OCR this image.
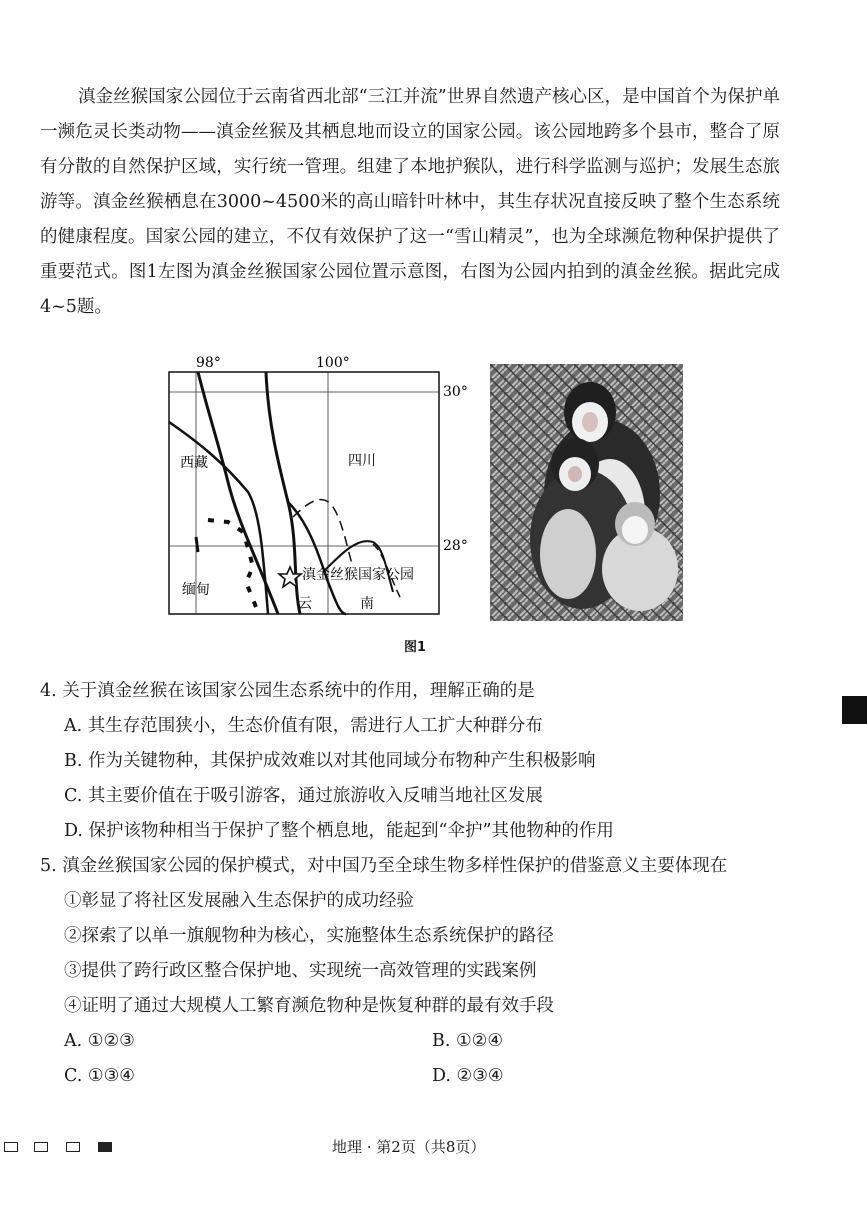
滇金丝猴国家公园位于云南省西北部“三江并流”世界自然遗产核心区，是中国首个为保护单一濒危灵长类动物——滇金丝猴及其栖息地而设立的国家公园。该公园地跨多个县市，整合了原有分散的自然保护区域，实行统一管理。组建了本地护猴队，进行科学监测与巡护；发展生态旅游等。滇金丝猴栖息在3000~4500米的高山暗针叶林中，其生存状况直接反映了整个生态系统的健康程度。国家公园的建立，不仅有效保护了这一“雪山精灵”，也为全球濒危物种保护提供了重要范式。图1左图为滇金丝猴国家公园位置示意图，右图为公园内拍到的滇金丝猴。据此完成4~5题。

98°	100°
30°
28°
西藏	四川
缅甸
滇金丝猴国家公园
云	南
图1

4. 关于滇金丝猴在该国家公园生态系统中的作用，理解正确的是

A. 其生存范围狭小，生态价值有限，需进行人工扩大种群分布

B. 作为关键物种，其保护成效难以对其他同域分布物种产生积极影响

C. 其主要价值在于吸引游客，通过旅游收入反哺当地社区发展

D. 保护该物种相当于保护了整个栖息地，能起到“伞护”其他物种的作用

5. 滇金丝猴国家公园的保护模式，对中国乃至全球生物多样性保护的借鉴意义主要体现在

①彰显了将社区发展融入生态保护的成功经验

②探索了以单一旗舰物种为核心，实施整体生态系统保护的路径

③提供了跨行政区整合保护地、实现统一高效管理的实践案例

④证明了通过大规模人工繁育濒危物种是恢复种群的最有效手段

A. ①②③	B. ①②④
C. ①③④	D. ②③④
地理 · 第2页（共8页）
